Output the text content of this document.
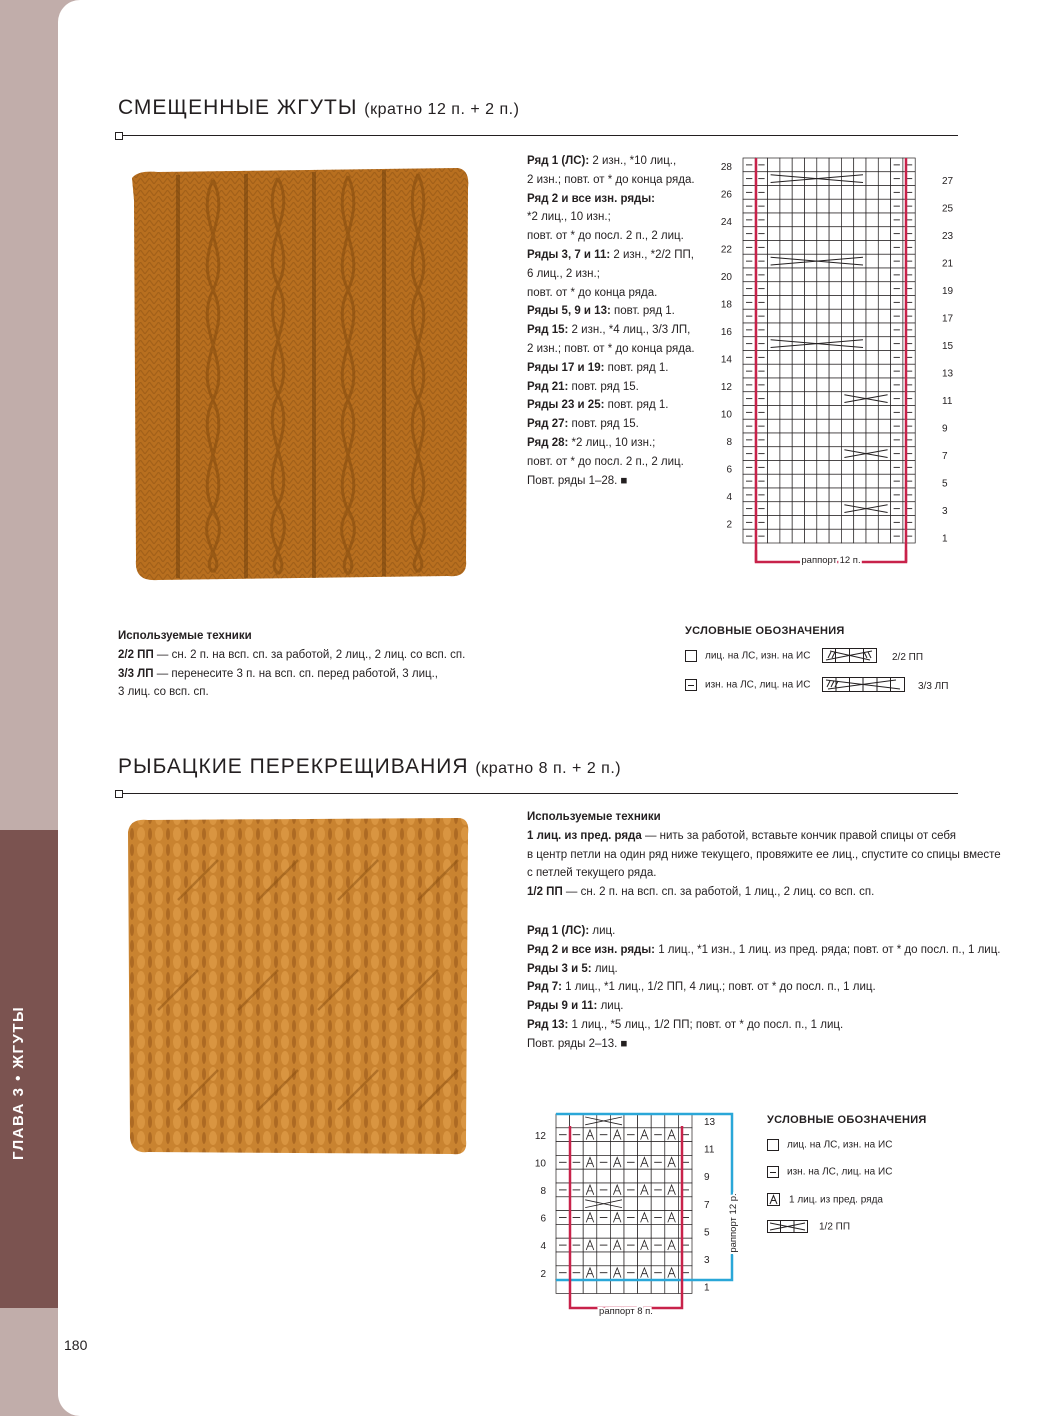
ГЛАВА 3 • ЖГУТЫ
180
СМЕЩЕННЫЕ ЖГУТЫ (кратно 12 п. + 2 п.)

Ряд 1 (ЛС): 2 изн., *10 лиц.,

2 изн.; повт. от * до конца ряда.

Ряд 2 и все изн. ряды:

*2 лиц., 10 изн.;

повт. от * до посл. 2 п., 2 лиц.

Ряды 3, 7 и 11: 2 изн., *2/2 ПП,

6 лиц., 2 изн.;

повт. от * до конца ряда.

Ряды 5, 9 и 13: повт. ряд 1.

Ряд 15: 2 изн., *4 лиц., 3/3 ЛП,

2 изн.; повт. от * до конца ряда.

Ряды 17 и 19: повт. ряд 1.

Ряд 21: повт. ряд 15.

Ряды 23 и 25: повт. ряд 1.

Ряд 27: повт. ряд 15.

Ряд 28: *2 лиц., 10 изн.;

повт. от * до посл. 2 п., 2 лиц.

Повт. ряды 1–28. ■

28
26
24
22
20
18
16
14
12
10
8
6
4
2
27
25
23
21
19
17
15
13
11
9
7
5
3
1
раппорт 12 п.

Используемые техники

2/2 ПП — сн. 2 п. на всп. сп. за работой, 2 лиц., 2 лиц. со всп. сп.

3/3 ЛП — перенесите 3 п. на всп. сп. перед работой, 3 лиц.,

3 лиц. со всп. сп.

УСЛОВНЫЕ ОБОЗНАЧЕНИЯ
лиц. на ЛС, изн. на ИС
изн. на ЛС, лиц. на ИС
2/2 ПП
3/3 ЛП
РЫБАЦКИЕ ПЕРЕКРЕЩИВАНИЯ (кратно 8 п. + 2 п.)

Используемые техники

1 лиц. из пред. ряда — нить за работой, вставьте кончик правой спицы от себя

в центр петли на один ряд ниже текущего, провяжите ее лиц., спустите со спицы вместе

с петлей текущего ряда.

1/2 ПП — сн. 2 п. на всп. сп. за работой, 1 лиц., 2 лиц. со всп. сп.

Ряд 1 (ЛС): лиц.

Ряд 2 и все изн. ряды: 1 лиц., *1 изн., 1 лиц. из пред. ряда; повт. от * до посл. п., 1 лиц.

Ряды 3 и 5: лиц.

Ряд 7: 1 лиц., *1 лиц., 1/2 ПП, 4 лиц.; повт. от * до посл. п., 1 лиц.

Ряды 9 и 11: лиц.

Ряд 13: 1 лиц., *5 лиц., 1/2 ПП; повт. от * до посл. п., 1 лиц.

Повт. ряды 2–13. ■

12
10
8
6
4
2
13
11
9
7
5
3
1
раппорт 8 п.
раппорт 12 р.
УСЛОВНЫЕ ОБОЗНАЧЕНИЯ
лиц. на ЛС, изн. на ИС
изн. на ЛС, лиц. на ИС
1 лиц. из пред. ряда
1/2 ПП
